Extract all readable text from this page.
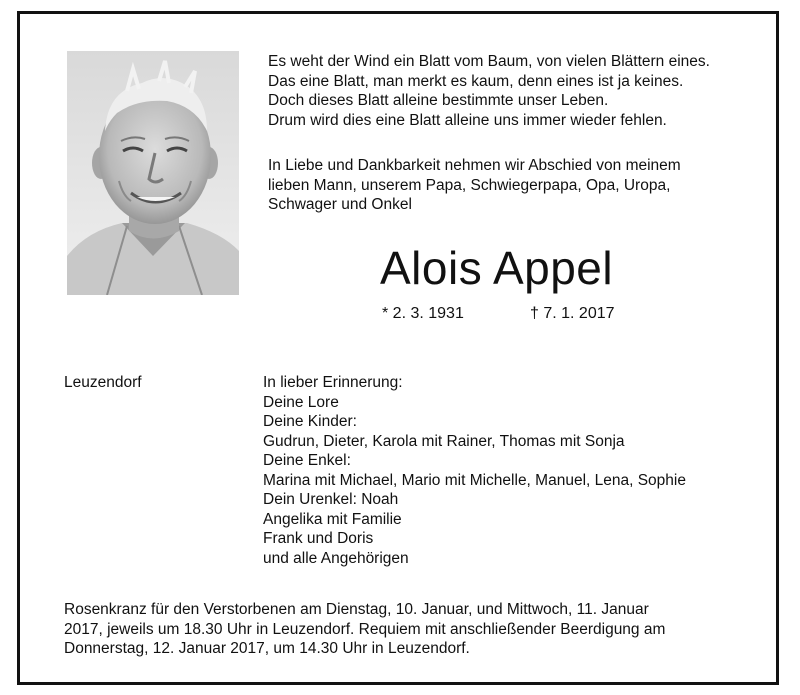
Es weht der Wind ein Blatt vom Baum, von vielen Blättern eines.
Das eine Blatt, man merkt es kaum, denn eines ist ja keines.
Doch dieses Blatt alleine bestimmte unser Leben.
Drum wird dies eine Blatt alleine uns immer wieder fehlen.
In Liebe und Dankbarkeit nehmen wir Abschied von meinem
lieben Mann, unserem Papa, Schwiegerpapa, Opa, Uropa,
Schwager und Onkel
Alois Appel
* 2. 3. 1931	† 7. 1. 2017
Leuzendorf	In lieber Erinnerung:
Deine Lore
Deine Kinder:
Gudrun, Dieter, Karola mit Rainer, Thomas mit Sonja
Deine Enkel:
Marina mit Michael, Mario mit Michelle, Manuel, Lena, Sophie
Dein Urenkel: Noah
Angelika mit Familie
Frank und Doris
und alle Angehörigen
Rosenkranz für den Verstorbenen am Dienstag, 10. Januar, und Mittwoch, 11. Januar
2017, jeweils um 18.30 Uhr in Leuzendorf. Requiem mit anschließender Beerdigung am
Donnerstag, 12. Januar 2017, um 14.30 Uhr in Leuzendorf.
